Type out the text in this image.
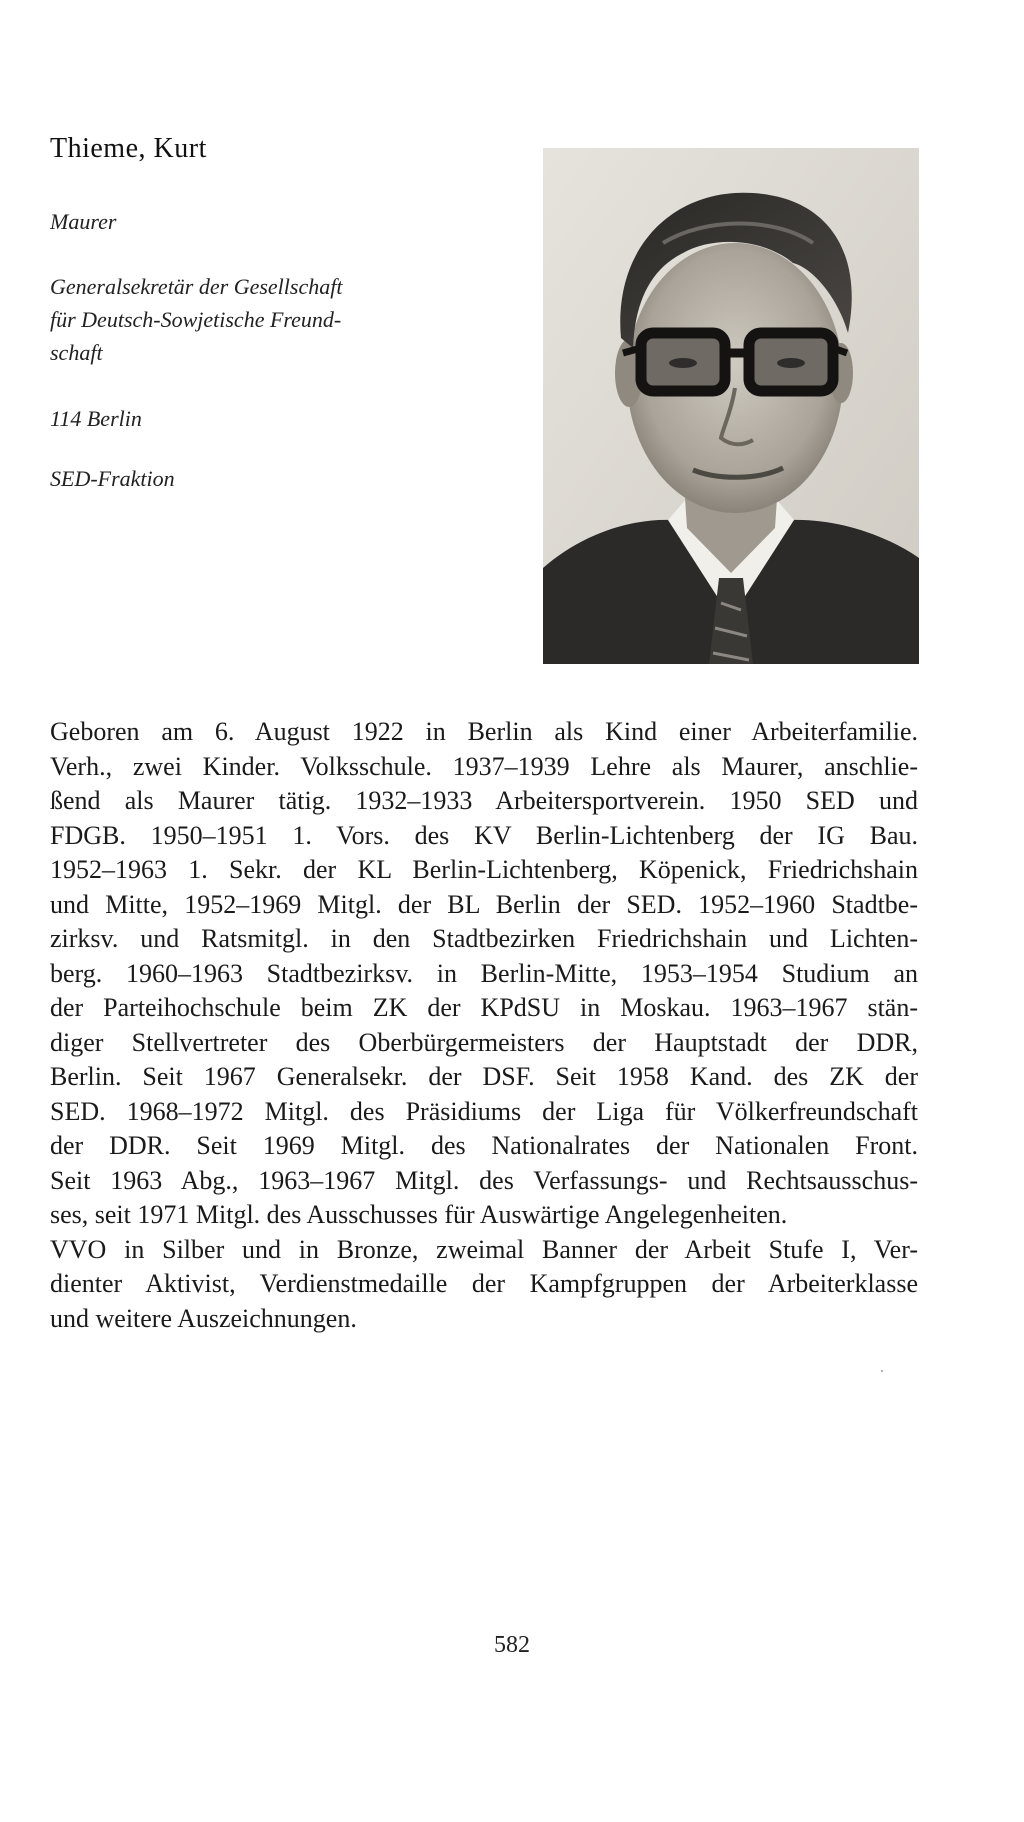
Thieme, Kurt
Maurer
Generalsekretär der Gesellschaft
für Deutsch-Sowjetische Freund-
schaft
114 Berlin
SED-Fraktion
Geboren am 6. August 1922 in Berlin als Kind einer Arbeiterfamilie.
Verh., zwei Kinder. Volksschule. 1937–1939 Lehre als Maurer, anschlie-
ßend als Maurer tätig. 1932–1933 Arbeitersportverein. 1950 SED und
FDGB. 1950–1951 1. Vors. des KV Berlin-Lichtenberg der IG Bau.
1952–1963 1. Sekr. der KL Berlin-Lichtenberg, Köpenick, Friedrichshain
und Mitte, 1952–1969 Mitgl. der BL Berlin der SED. 1952–1960 Stadtbe-
zirksv. und Ratsmitgl. in den Stadtbezirken Friedrichshain und Lichten-
berg. 1960–1963 Stadtbezirksv. in Berlin-Mitte, 1953–1954 Studium an
der Parteihochschule beim ZK der KPdSU in Moskau. 1963–1967 stän-
diger Stellvertreter des Oberbürgermeisters der Hauptstadt der DDR,
Berlin. Seit 1967 Generalsekr. der DSF. Seit 1958 Kand. des ZK der
SED. 1968–1972 Mitgl. des Präsidiums der Liga für Völkerfreundschaft
der DDR. Seit 1969 Mitgl. des Nationalrates der Nationalen Front.
Seit 1963 Abg., 1963–1967 Mitgl. des Verfassungs- und Rechtsausschus-
ses, seit 1971 Mitgl. des Ausschusses für Auswärtige Angelegenheiten.
VVO in Silber und in Bronze, zweimal Banner der Arbeit Stufe I, Ver-
dienter Aktivist, Verdienstmedaille der Kampfgruppen der Arbeiterklasse
und weitere Auszeichnungen.
582
